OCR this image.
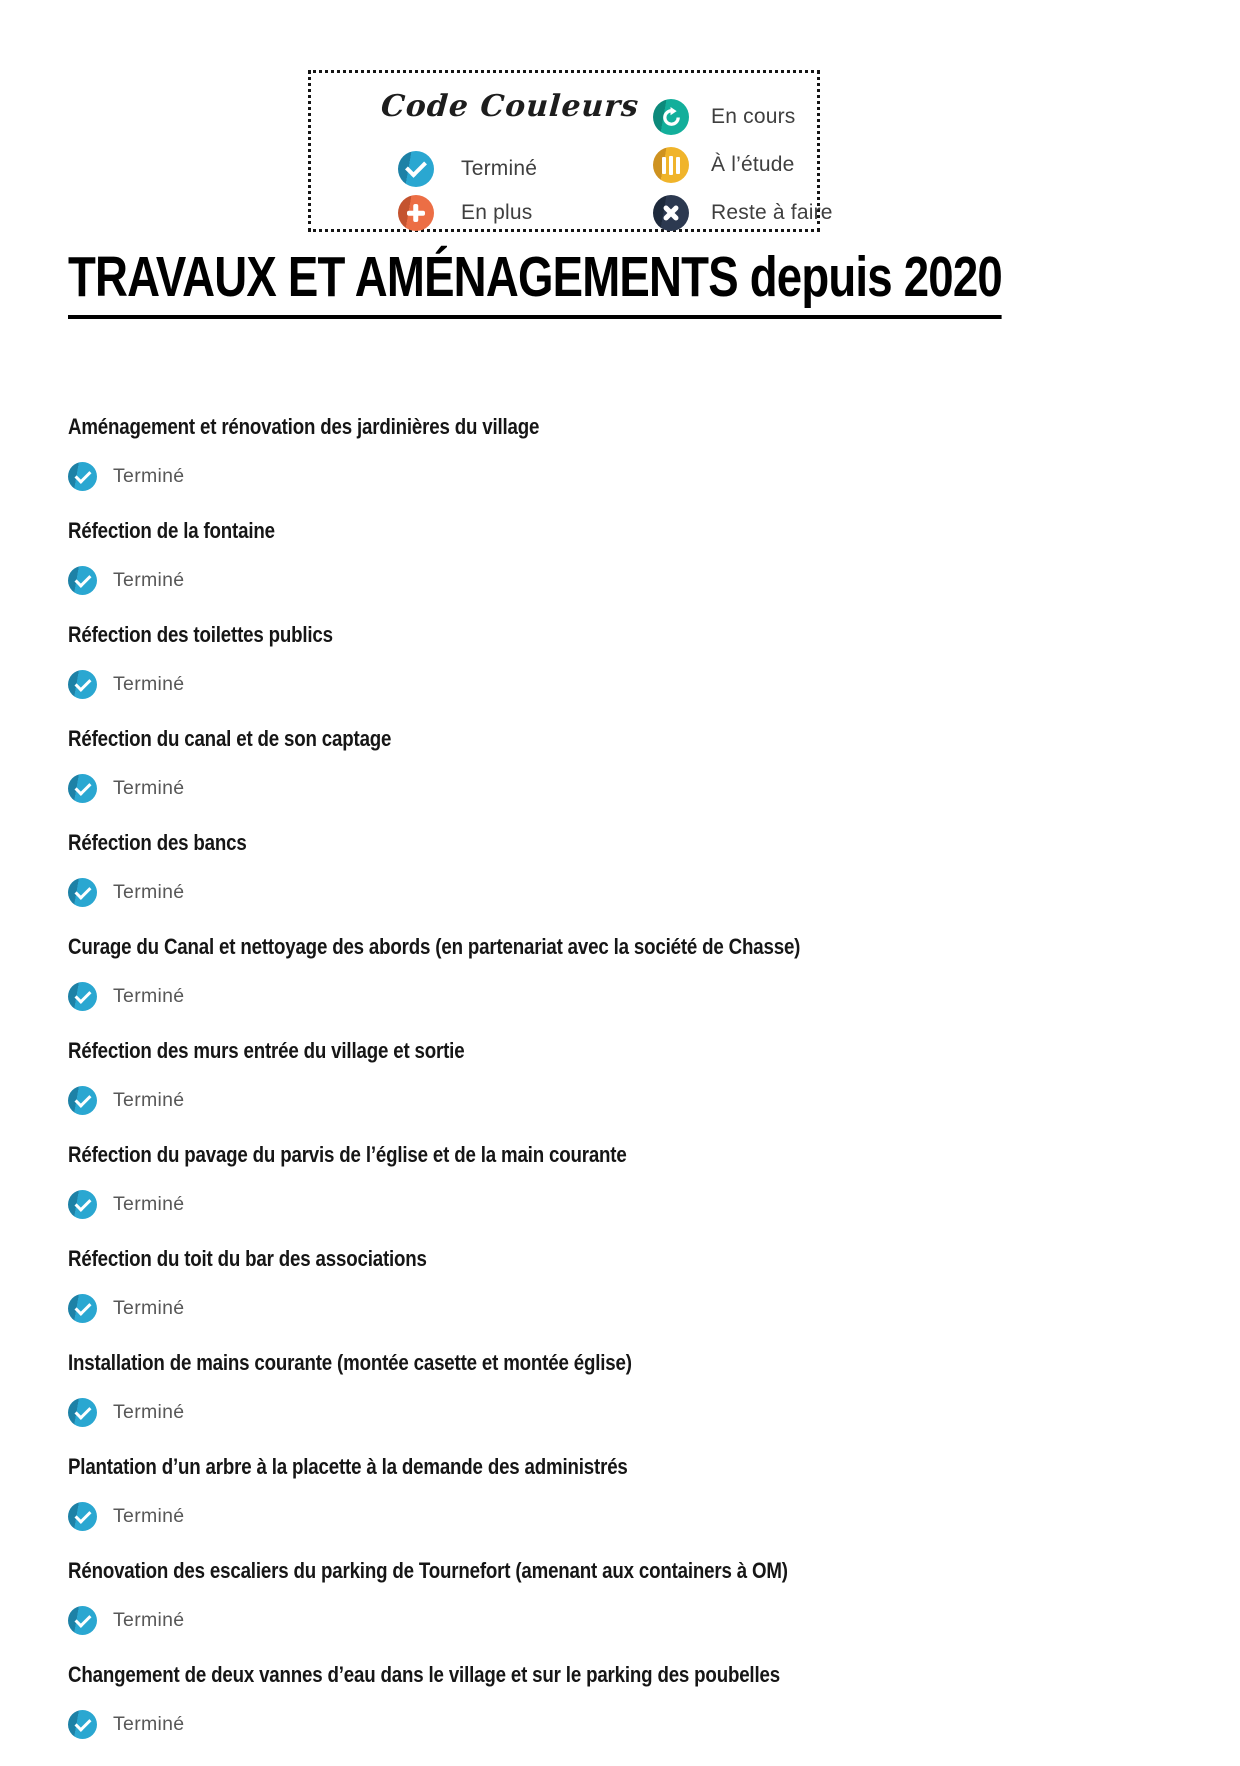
Code Couleurs
Terminé
En plus
En cours
À l’étude
Reste à faire
TRAVAUX ET AMÉNAGEMENTS depuis 2020
Aménagement et rénovation des jardinières du village
Terminé
Réfection de la fontaine
Terminé
Réfection des toilettes publics
Terminé
Réfection du canal et de son captage
Terminé
Réfection des bancs
Terminé
Curage du Canal et nettoyage des abords (en partenariat avec la société de Chasse)
Terminé
Réfection des murs entrée du village et sortie
Terminé
Réfection du pavage du parvis de l’église et de la main courante
Terminé
Réfection du toit du bar des associations
Terminé
Installation de mains courante (montée casette et montée église)
Terminé
Plantation d’un arbre à la placette à la demande des administrés
Terminé
Rénovation des escaliers du parking de Tournefort (amenant aux containers à OM)
Terminé
Changement de deux vannes d’eau dans le village et sur le parking des poubelles
Terminé
